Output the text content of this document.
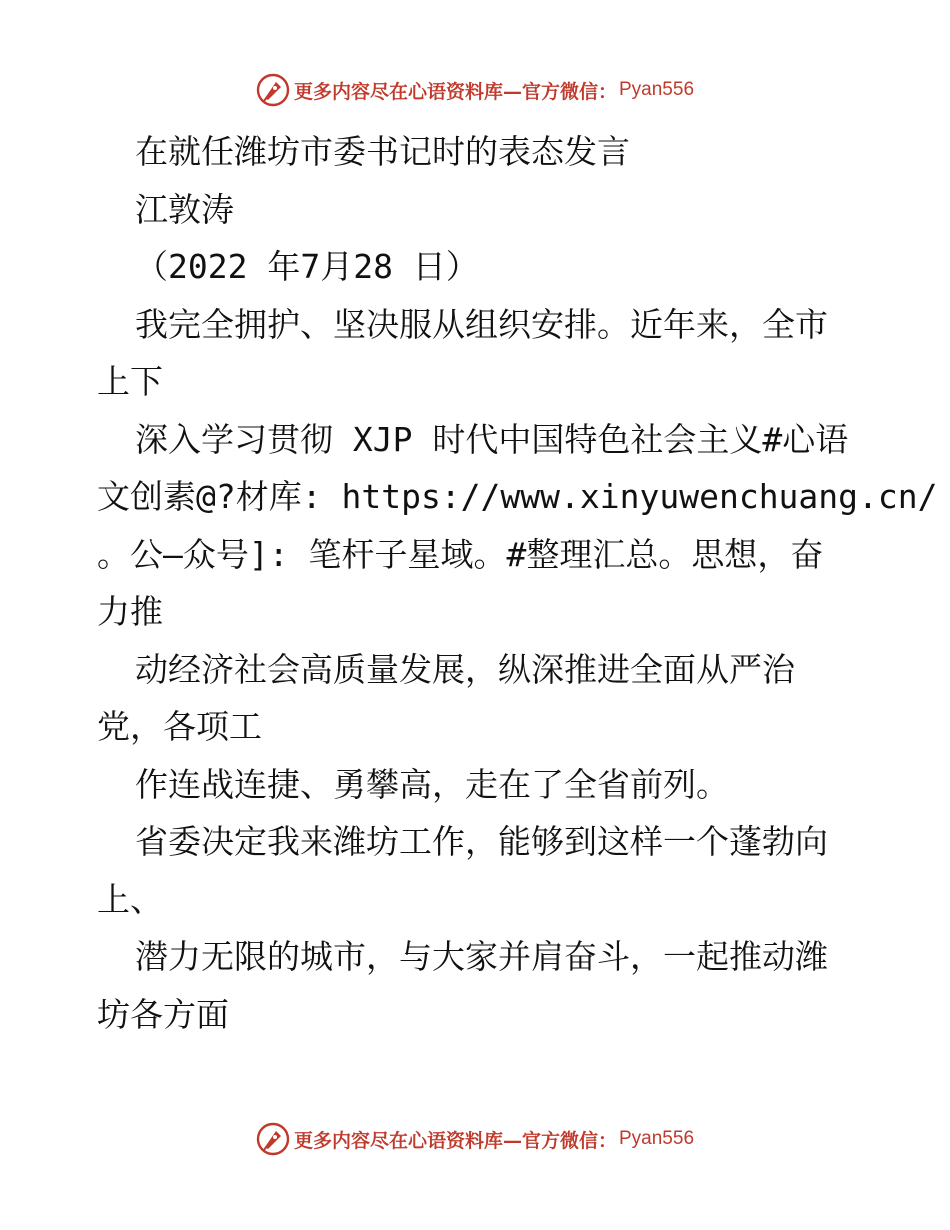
更多内容尽在心语资料库— 官方微信： Pyan556
在就任潍坊市委书记时的表态发言
江敦涛
（2022 年7月28 日）
我完全拥护、坚决服从组织安排。近年来，全市
上下
深入学习贯彻 XJP 时代中国特色社会主义#心语
文创素@?材库: https://www.xinyuwenchuang.cn/
。公—众号]: 笔杆子星域。#整理汇总。思想，奋
力推
动经济社会高质量发展，纵深推进全面从严治
党，各项工
作连战连捷、勇攀高，走在了全省前列。
省委决定我来潍坊工作，能够到这样一个蓬勃向
上、
潜力无限的城市，与大家并肩奋斗，一起推动潍
坊各方面
更多内容尽在心语资料库— 官方微信： Pyan556
